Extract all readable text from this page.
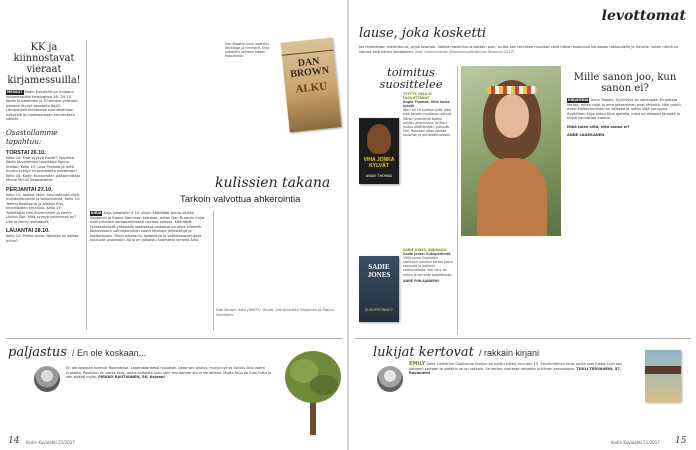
KK ja kiinnostavat vieraat kirjamessuilla!
MESSUT Kodin Kuvalehti on mukana kirjamessuilla Helsingissä 26.–29.10. Kodin Kuvalehden ja ET-lehden yhteisen osaston löydyt osastolta 6g42. Lämpimästi tervetuloa kuuntelemaan esityksiä ja moikkaamaan toimituksen väkeä!
Osastollamme tapahtuu:
TORSTAI 26.10.
Kello 14: Mitä syysyö tuolle?, tarjoilee Kodin Kuvalehden toimittaja Sanna Stellan. Kello 15: Liisa Pekkala ja mitä muuta syksyn kirjavuodelta odotetaan? Kello 16: Kodin Kuvalehden päätoimittaja Minna McGill haastattelee.
PERJANTAI 27.10.
Kello 12: Jaakko Selin: Seurusteluta mitä, mahdollisuuksia ja toivomuksia. Kello 14: Teemu Keskisarja ja Aleksis Kivi, kirjailijoiden kirjailijat. Kello 15: Toimittajat Ulla Ahvenainen ja Henry Liukko-Sipi: Mitä syysyö lukeminen on? Ulla ja Henry vastaavat.
LAUANTAI 28.10.
Kello 12: Pirkko Arola: Naisista on valtaa mihin?
Dan Brownin suuri odotettu lähitilaaja ja nimmarit. Kirja julkaistiin samaan aikaan maailmalla.	DAN BROWN
ALKU
kulissien takana
Tarkoin valvottua ahkerointia
KIRJA Kirja julkaistiin 9.10. Kirjan kääntäjät Jorma-Veikko Sappinen ja Raimo Salminen kertovat, miten Dan Brownin kirjat ovat julkaistu samanaikaisesti useissa maissa. Kääntäjät työskentelivät yhteisellä salaisessa paikassa suurella kiireellä. Käännöksen valmistuminen vaatii tarkkoja järjestelyjä ja luottamusta. Tiiviis aikataulu, tietoturva ja vaitiolosopimukset kuuluvat prosessiin. Kirja on julkaistu suomeksi nimellä Alku.
Dan Brown: Alku (WSOY). Suom. Jorma-Veikko Sappinen ja Raimo Salminen.
paljastus / En ole koskaan...
En ole koskaan lukenut Raamattua. Legendaarisesti haluaisin lukea sen joskus, mutta nyt se tuntuu liian isolta urakalta. Pasiinkin on paras teos, jonka kaltaista luen vain muutaman sivun kerrallaan. Mutta kirja on ihan tuttu ja sen sisältö myös. PIRKKO RAUTIAINEN, 58, Kajaani
14 Kodin Kuvalehti 21/2017
levottomat
lause, joka kosketti
Jos fahelletaan masentunut, pyysi Iosenon. Valkka masentunut osittain pian, mutta sen tarvitsee muuttaa vellä hänen osaltansa kanssaan rakkaudelle ja hänelle, kuten nämä ne voimat että hänen kohdalleen. Anni Saukkoranta: Depressiopäiväkirjat (Kosmos 2017)
toimitus suosittelee
VIHA JONKA KYLVÄT
ANGIE THOMAS
TYYTYY, JOKA EI LUOVUTTANUT
Angie Thomas: Viha jonka kylvät
Starr on 16-vuotias tyttö, joka elää kahden maailman välissä. Hänen ystävänsä kuolee poliisin ampumana, ja Starr joutuu päättämään, puhuuko hän. Romaani ottaa kantaa rasismiin ja poliisiväkivaltaan.
SADIE JONES
SUKUPERINNÖT
SADIE JONES, KIRJAILIJA
Sadie Jones: Sukuperinnöt
1950-luvun Englantiin sijoittuva romaani kertoo pojan kasvusta ja perheen salaisuuksista. Sen sävy on vahva ja kerronta koskettavaa.
ANNE PIHLAJANIEMI
Mille sanon joo, kun sanon ei?
KIRJAMINÄ Anna Talpale, Syyllisyys on sananpää. Kirjoittaja kertoo, miten rajat ja oma jaksaminen ovat tärkeitä. Hän pohtii, miksi kieltäytyminen on vaikeaa ja miten siitä voi oppia. Syvällinen kirja antaa tilaa ajatella, mikä on oikeasti tärkeää ja mistä kannattaa luopua.
Mikä tulee siitä, että sanoo ei?
ANNE LAUKKANEN
lukijat kertovat / rakkain kirjani
EMILY Saint Catherine Cooksonin Emilyn on luettu sitten, kun olin 15. Ensimmäinen kirja, jonka sain lukea. Luin sen kahteen kertaan ja vieläkin se on rakkain. Se kertoo nuoresta naisesta ja hänen kasvustaan. TUULI TERVAHEIN, 57, Rovaniemi
Kodin Kuvalehti 21/2017 15
